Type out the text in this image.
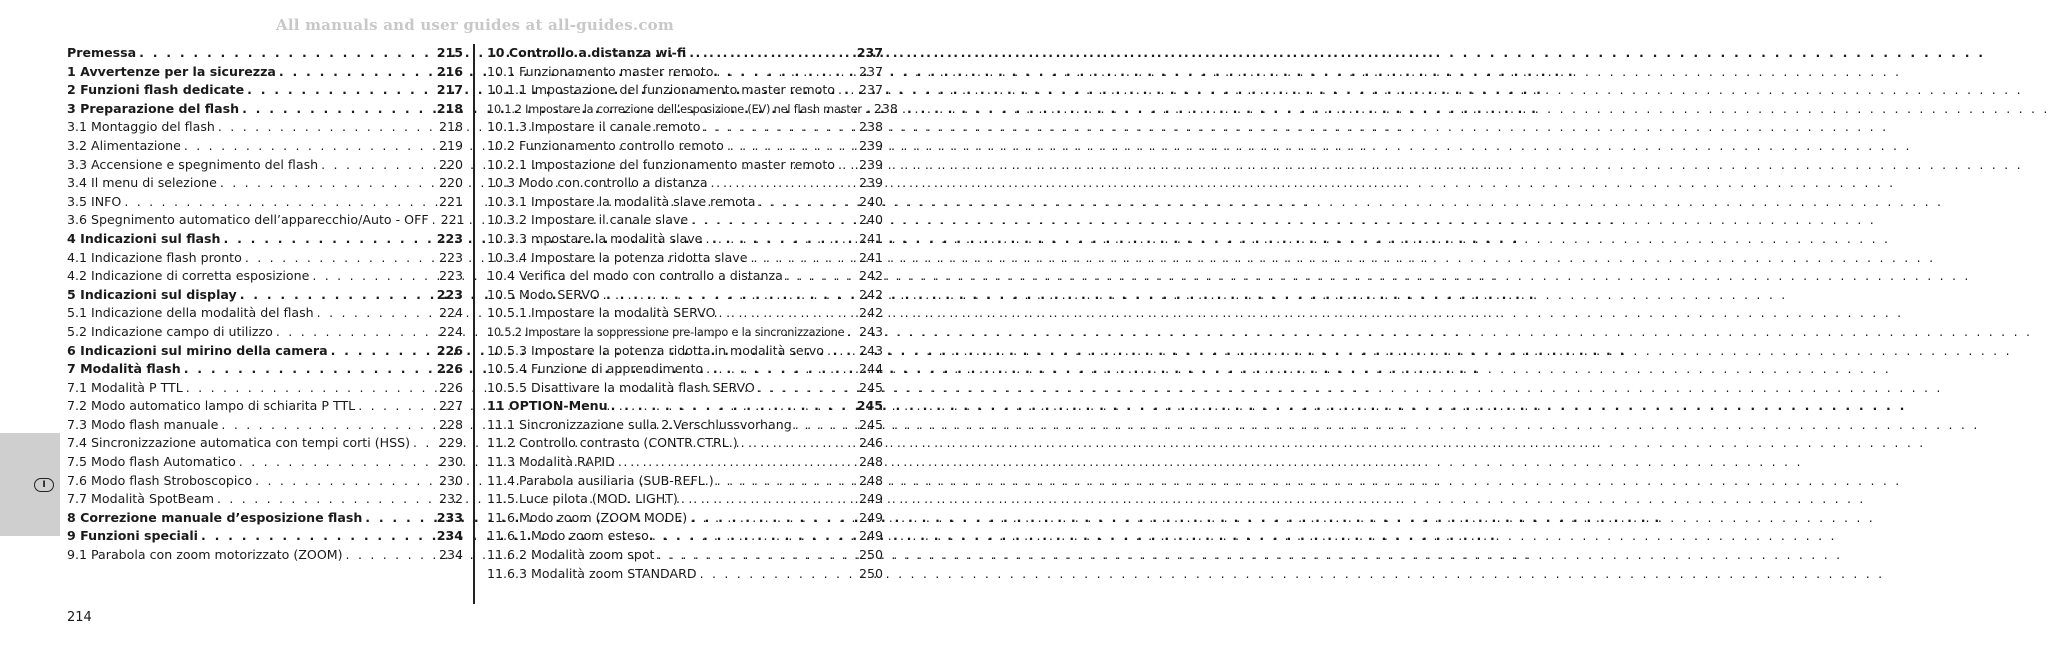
All manuals and user guides at all-guides.com
Premessa . . .	215
1 Avvertenze per la sicurezza . . .	216
2 Funzioni flash dedicate . . .	217
3 Preparazione del flash . . .	218
3.1 Montaggio del flash . . .	218
3.2 Alimentazione . . .	219
3.3 Accensione e spegnimento del flash . . .	220
3.4 Il menu di selezione . . .	220
3.5 INFO . . .	221
3.6 Spegnimento automatico dell’apparecchio/Auto - OFF . . . 221
4 Indicazioni sul flash . . .	223
4.1 Indicazione flash pronto . . .	223
4.2 Indicazione di corretta esposizione . . .	223
5 Indicazioni sul display . . .	223
5.1 Indicazione della modalità del flash . . .	224
5.2 Indicazione campo di utilizzo . . .	224
6 Indicazioni sul mirino della camera . . .	226
7 Modalità flash . . .	226
7.1 Modalità P TTL . . .	226
7.2 Modo automatico lampo di schiarita P TTL . . .	227
7.3 Modo flash manuale . . .	228
7.4 Sincronizzazione automatica con tempi corti (HSS) . . . 229
7.5 Modo flash Automatico . . .	230
7.6 Modo flash Stroboscopico . . .	230
7.7 Modalità SpotBeam . . .	232
8 Correzione manuale d’esposizione flash . . .	233
9 Funzioni speciali . . .	234
9.1 Parabola con zoom motorizzato (ZOOM) . . .	234
10 Controllo a distanza wi-fi . . .	237
10.1 Funzionamento master remoto . . .	237
10.1.1 Impostazione del funzionamento master remoto . . . 237
10.1.2 Impostare la correzione dell’esposizione (EV) nel flash master . . . 238
10.1.3 Impostare il canale remoto . . .	238
10.2 Funzionamento controllo remoto . . .	239
10.2.1 Impostazione del funzionamento master remoto . . . 239
10.3 Modo con controllo a distanza . . .	239
10.3.1 Impostare la modalità slave remota . . .	240
10.3.2 Impostare il canale slave . . .	240
10.3.3 mpostare la modalità slave . . .	241
10.3.4 Impostare la potenza ridotta slave . . .	241
10.4 Verifica del modo con controllo a distanza . . .	242
10.5 Modo SERVO . . .	242
10.5.1 Impostare la modalità SERVO . . .	242
10.5.2 Impostare la soppressione pre-lampo e la sincronizzazione . . . 243
10.5.3 Impostare la potenza ridotta in modalità servo . . .	243
10.5.4 Funzione di apprendimento . . .	244
10.5.5 Disattivare la modalità flash SERVO . . .	245
11 OPTION-Menu . . .	245
11.1 Sincronizzazione sulla 2.Verschlussvorhang . . .	245
11.2 Controllo contrasto (CONTR.CTRL.) . . .	246
11.3 Modalità RAPID . . .	248
11.4 Parabola ausiliaria (SUB-REFL.) . . .	248
11.5 Luce pilota (MOD. LIGHT) . . .	249
11.6 Modo zoom (ZOOM MODE) . . .	249
11.6.1 Modo zoom esteso . . .	249
11.6.2 Modalità zoom spot . . .	250
11.6.3 Modalità zoom STANDARD . . .	250
I
214
